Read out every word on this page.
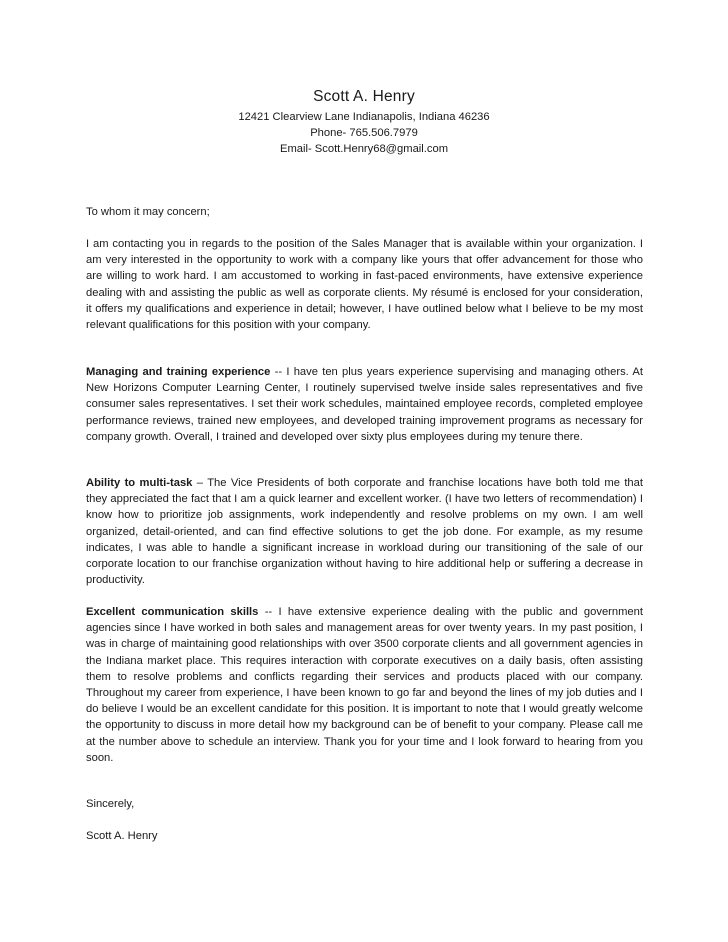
Scott A. Henry
12421 Clearview Lane Indianapolis, Indiana 46236
Phone- 765.506.7979
Email- Scott.Henry68@gmail.com
To whom it may concern;
I am contacting you in regards to the position of the Sales Manager that is available within your organization. I am very interested in the opportunity to work with a company like yours that offer advancement for those who are willing to work hard. I am accustomed to working in fast-paced environments, have extensive experience dealing with and assisting the public as well as corporate clients. My résumé is enclosed for your consideration, it offers my qualifications and experience in detail; however, I have outlined below what I believe to be my most relevant qualifications for this position with your company.
Managing and training experience -- I have ten plus years experience supervising and managing others. At New Horizons Computer Learning Center, I routinely supervised twelve inside sales representatives and five consumer sales representatives. I set their work schedules, maintained employee records, completed employee performance reviews, trained new employees, and developed training improvement programs as necessary for company growth. Overall, I trained and developed over sixty plus employees during my tenure there.
Ability to multi-task – The Vice Presidents of both corporate and franchise locations have both told me that they appreciated the fact that I am a quick learner and excellent worker. (I have two letters of recommendation) I know how to prioritize job assignments, work independently and resolve problems on my own. I am well organized, detail-oriented, and can find effective solutions to get the job done. For example, as my resume indicates, I was able to handle a significant increase in workload during our transitioning of the sale of our corporate location to our franchise organization without having to hire additional help or suffering a decrease in productivity.
Excellent communication skills -- I have extensive experience dealing with the public and government agencies since I have worked in both sales and management areas for over twenty years. In my past position, I was in charge of maintaining good relationships with over 3500 corporate clients and all government agencies in the Indiana market place. This requires interaction with corporate executives on a daily basis, often assisting them to resolve problems and conflicts regarding their services and products placed with our company. Throughout my career from experience, I have been known to go far and beyond the lines of my job duties and I do believe I would be an excellent candidate for this position. It is important to note that I would greatly welcome the opportunity to discuss in more detail how my background can be of benefit to your company. Please call me at the number above to schedule an interview. Thank you for your time and I look forward to hearing from you soon.
Sincerely,
Scott A. Henry
